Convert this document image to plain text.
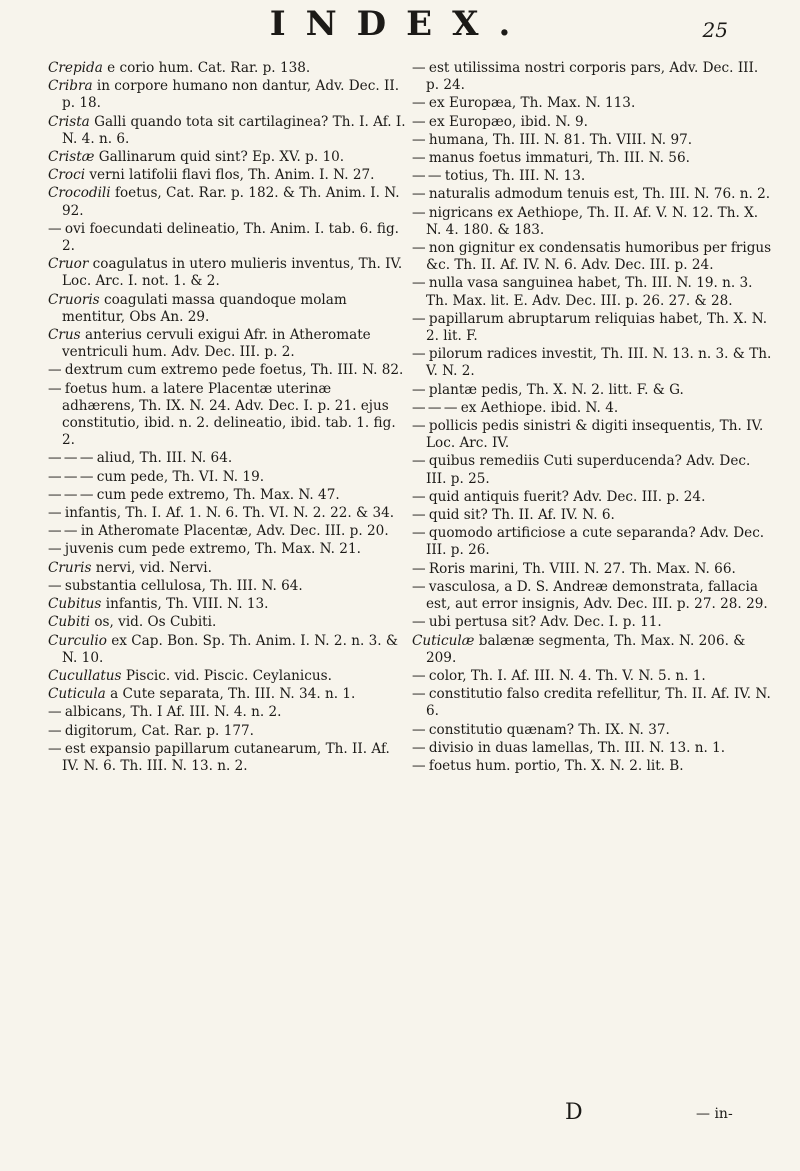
INDEX.	25
Crepida e corio hum. Cat. Rar. p. 138.
Cribra in corpore humano non dantur, Adv. Dec. II. p. 18.
Crista Galli quando tota sit cartilaginea? Th. I. Af. I. N. 4. n. 6.
Cristæ Gallinarum quid sint? Ep. XV. p. 10.
Croci verni latifolii flavi flos, Th. Anim. I. N. 27.
Crocodili foetus, Cat. Rar. p. 182. & Th. Anim. I. N. 92.
— ovi foecundati delineatio, Th. Anim. I. tab. 6. fig. 2.
Cruor coagulatus in utero mulieris inventus, Th. IV. Loc. Arc. I. not. 1. & 2.
Cruoris coagulati massa quandoque molam mentitur, Obs An. 29.
Crus anterius cervuli exigui Afr. in Atheromate ventriculi hum. Adv. Dec. III. p. 2.
— dextrum cum extremo pede foetus, Th. III. N. 82.
— foetus hum. a latere Placentæ uterinæ adhærens, Th. IX. N. 24. Adv. Dec. I. p. 21. ejus constitutio, ibid. n. 2. delineatio, ibid. tab. 1. fig. 2.
— — — aliud, Th. III. N. 64.
— — — cum pede, Th. VI. N. 19.
— — — cum pede extremo, Th. Max. N. 47.
— infantis, Th. I. Af. 1. N. 6. Th. VI. N. 2. 22. & 34.
— — in Atheromate Placentæ, Adv. Dec. III. p. 20.
— juvenis cum pede extremo, Th. Max. N. 21.
Cruris nervi, vid. Nervi.
— substantia cellulosa, Th. III. N. 64.
Cubitus infantis, Th. VIII. N. 13.
Cubiti os, vid. Os Cubiti.
Curculio ex Cap. Bon. Sp. Th. Anim. I. N. 2. n. 3. & N. 10.
Cucullatus Piscic. vid. Piscic. Ceylanicus.
Cuticula a Cute separata, Th. III. N. 34. n. 1.
— albicans, Th. I Af. III. N. 4. n. 2.
— digitorum, Cat. Rar. p. 177.
— est expansio papillarum cutanearum, Th. II. Af. IV. N. 6. Th. III. N. 13. n. 2.
— est utilissima nostri corporis pars, Adv. Dec. III. p. 24.
— ex Europæa, Th. Max. N. 113.
— ex Europæo, ibid. N. 9.
— humana, Th. III. N. 81. Th. VIII. N. 97.
— manus foetus immaturi, Th. III. N. 56.
— — totius, Th. III. N. 13.
— naturalis admodum tenuis est, Th. III. N. 76. n. 2.
— nigricans ex Aethiope, Th. II. Af. V. N. 12. Th. X. N. 4. 180. & 183.
— non gignitur ex condensatis humoribus per frigus &c. Th. II. Af. IV. N. 6. Adv. Dec. III. p. 24.
— nulla vasa sanguinea habet, Th. III. N. 19. n. 3. Th. Max. lit. E. Adv. Dec. III. p. 26. 27. & 28.
— papillarum abruptarum reliquias habet, Th. X. N. 2. lit. F.
— pilorum radices investit, Th. III. N. 13. n. 3. & Th. V. N. 2.
— plantæ pedis, Th. X. N. 2. litt. F. & G.
— — — ex Aethiope. ibid. N. 4.
— pollicis pedis sinistri & digiti insequentis, Th. IV. Loc. Arc. IV.
— quibus remediis Cuti superducenda? Adv. Dec. III. p. 25.
— quid antiquis fuerit? Adv. Dec. III. p. 24.
— quid sit? Th. II. Af. IV. N. 6.
— quomodo artificiose a cute separanda? Adv. Dec. III. p. 26.
— Roris marini, Th. VIII. N. 27. Th. Max. N. 66.
— vasculosa, a D. S. Andreæ demonstrata, fallacia est, aut error insignis, Adv. Dec. III. p. 27. 28. 29.
— ubi pertusa sit? Adv. Dec. I. p. 11.
Cuticulæ balænæ segmenta, Th. Max. N. 206. & 209.
— color, Th. I. Af. III. N. 4. Th. V. N. 5. n. 1.
— constitutio falso credita refellitur, Th. II. Af. IV. N. 6.
— constitutio quænam? Th. IX. N. 37.
— divisio in duas lamellas, Th. III. N. 13. n. 1.
— foetus hum. portio, Th. X. N. 2. lit. B.
D	— in-
